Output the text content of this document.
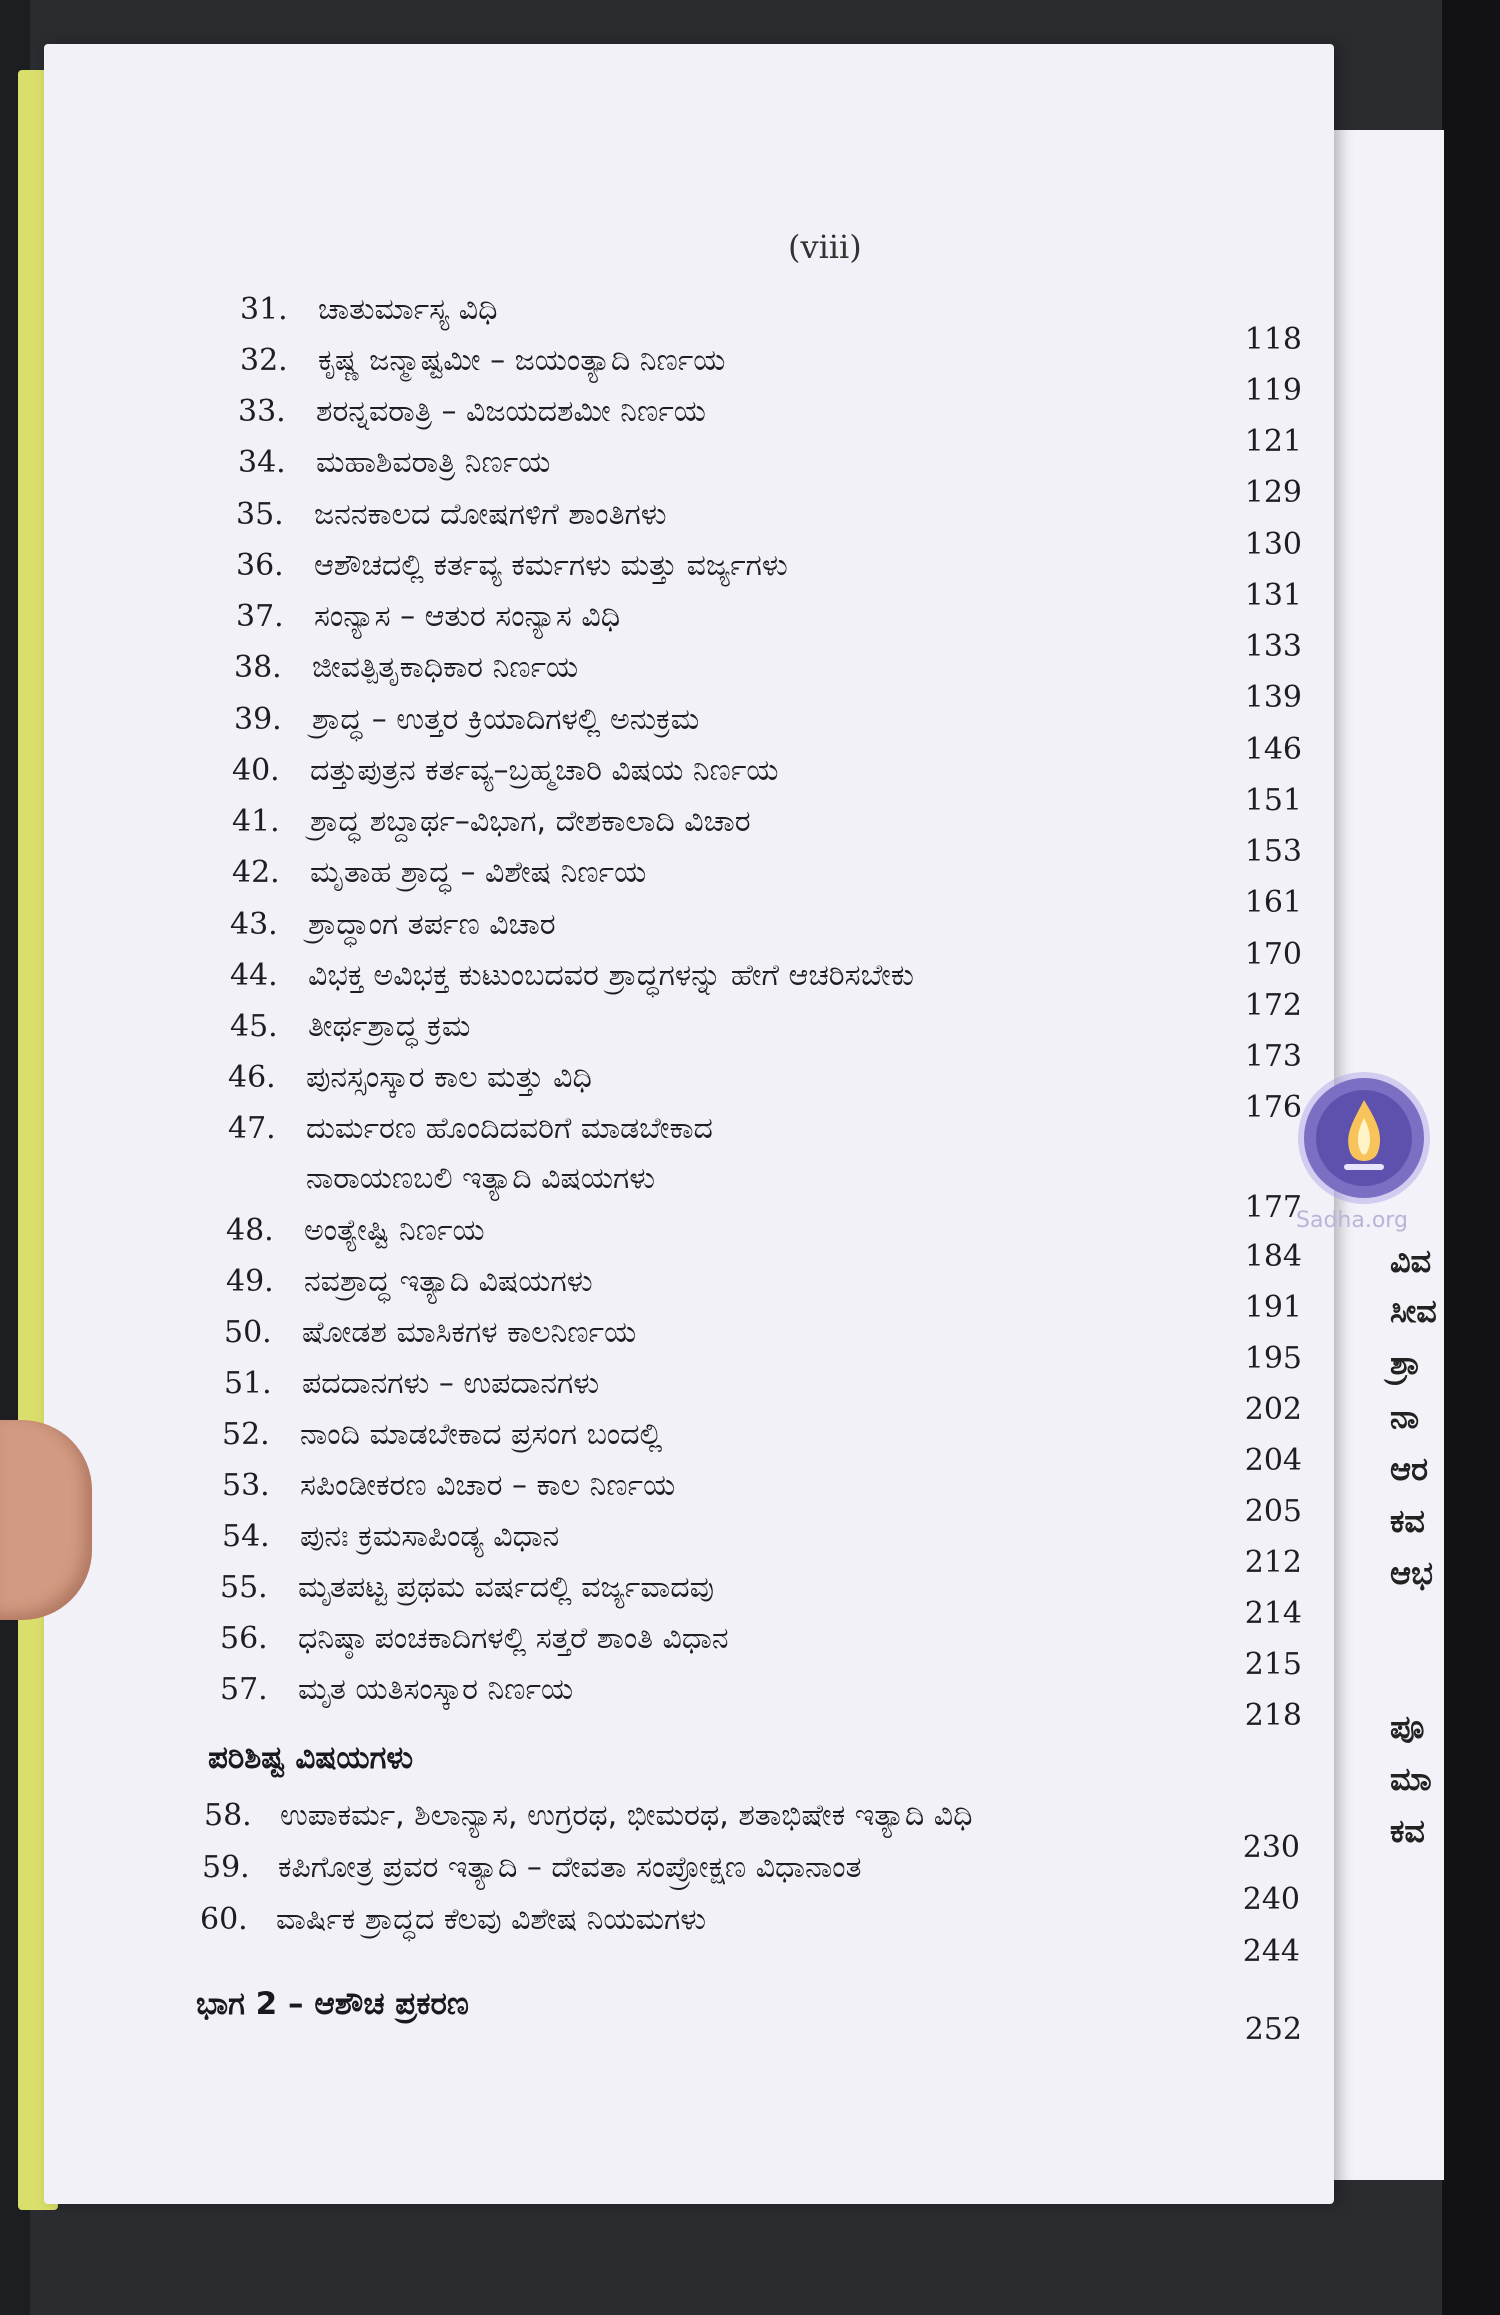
ವಿವ
ಸೀವ
ಶ್ರಾ
ನಾ
ಆರ
ಕವ
ಆಭ
ಪೂ
ಮಾ
ಕವ
(viii)
Sadha.org
31. ಚಾತುರ್ಮಾಸ್ಯ ವಿಧಿ
118
32. ಕೃಷ್ಣ ಜನ್ಮಾಷ್ಟಮೀ – ಜಯಂತ್ಯಾದಿ ನಿರ್ಣಯ
119
33. ಶರನ್ನವರಾತ್ರಿ – ವಿಜಯದಶಮೀ ನಿರ್ಣಯ
121
34. ಮಹಾಶಿವರಾತ್ರಿ ನಿರ್ಣಯ
129
35. ಜನನಕಾಲದ ದೋಷಗಳಿಗೆ ಶಾಂತಿಗಳು
130
36. ಆಶೌಚದಲ್ಲಿ ಕರ್ತವ್ಯ ಕರ್ಮಗಳು ಮತ್ತು ವರ್ಜ್ಯಗಳು
131
37. ಸಂನ್ಯಾಸ – ಆತುರ ಸಂನ್ಯಾಸ ವಿಧಿ
133
38. ಜೀವತ್ಪಿತೃಕಾಧಿಕಾರ ನಿರ್ಣಯ
139
39. ಶ್ರಾದ್ಧ – ಉತ್ತರ ಕ್ರಿಯಾದಿಗಳಲ್ಲಿ ಅನುಕ್ರಮ
146
40. ದತ್ತುಪುತ್ರನ ಕರ್ತವ್ಯ–ಬ್ರಹ್ಮಚಾರಿ ವಿಷಯ ನಿರ್ಣಯ
151
41. ಶ್ರಾದ್ಧ ಶಬ್ದಾರ್ಥ–ವಿಭಾಗ, ದೇಶಕಾಲಾದಿ ವಿಚಾರ
153
42. ಮೃತಾಹ ಶ್ರಾದ್ಧ – ವಿಶೇಷ ನಿರ್ಣಯ
161
43. ಶ್ರಾದ್ಧಾಂಗ ತರ್ಪಣ ವಿಚಾರ
170
44. ವಿಭಕ್ತ ಅವಿಭಕ್ತ ಕುಟುಂಬದವರ ಶ್ರಾದ್ಧಗಳನ್ನು ಹೇಗೆ ಆಚರಿಸಬೇಕು
172
45. ತೀರ್ಥಶ್ರಾದ್ಧ ಕ್ರಮ
173
46. ಪುನಸ್ಸಂಸ್ಕಾರ ಕಾಲ ಮತ್ತು ವಿಧಿ
176
47. ದುರ್ಮರಣ ಹೊಂದಿದವರಿಗೆ ಮಾಡಬೇಕಾದ
ನಾರಾಯಣಬಲಿ ಇತ್ಯಾದಿ ವಿಷಯಗಳು
177
48. ಅಂತ್ಯೇಷ್ಟಿ ನಿರ್ಣಯ
184
49. ನವಶ್ರಾದ್ಧ ಇತ್ಯಾದಿ ವಿಷಯಗಳು
191
50. ಷೋಡಶ ಮಾಸಿಕಗಳ ಕಾಲನಿರ್ಣಯ
195
51. ಪದದಾನಗಳು – ಉಪದಾನಗಳು
202
52. ನಾಂದಿ ಮಾಡಬೇಕಾದ ಪ್ರಸಂಗ ಬಂದಲ್ಲಿ
204
53. ಸಪಿಂಡೀಕರಣ ವಿಚಾರ – ಕಾಲ ನಿರ್ಣಯ
205
54. ಪುನಃ ಕ್ರಮಸಾಪಿಂಡ್ಯ ವಿಧಾನ
212
55. ಮೃತಪಟ್ಟ ಪ್ರಥಮ ವರ್ಷದಲ್ಲಿ ವರ್ಜ್ಯವಾದವು
214
56. ಧನಿಷ್ಠಾ ಪಂಚಕಾದಿಗಳಲ್ಲಿ ಸತ್ತರೆ ಶಾಂತಿ ವಿಧಾನ
215
57. ಮೃತ ಯತಿಸಂಸ್ಕಾರ ನಿರ್ಣಯ
218
ಪರಿಶಿಷ್ಟ ವಿಷಯಗಳು
58. ಉಪಾಕರ್ಮ, ಶಿಲಾನ್ಯಾಸ, ಉಗ್ರರಥ, ಭೀಮರಥ, ಶತಾಭಿಷೇಕ ಇತ್ಯಾದಿ ವಿಧಿ
230
59. ಕಪಿಗೋತ್ರ ಪ್ರವರ ಇತ್ಯಾದಿ – ದೇವತಾ ಸಂಪ್ರೋಕ್ಷಣ ವಿಧಾನಾಂತ
240
60. ವಾರ್ಷಿಕ ಶ್ರಾದ್ಧದ ಕೆಲವು ವಿಶೇಷ ನಿಯಮಗಳು
244
ಭಾಗ 2 – ಆಶೌಚ ಪ್ರಕರಣ
252
